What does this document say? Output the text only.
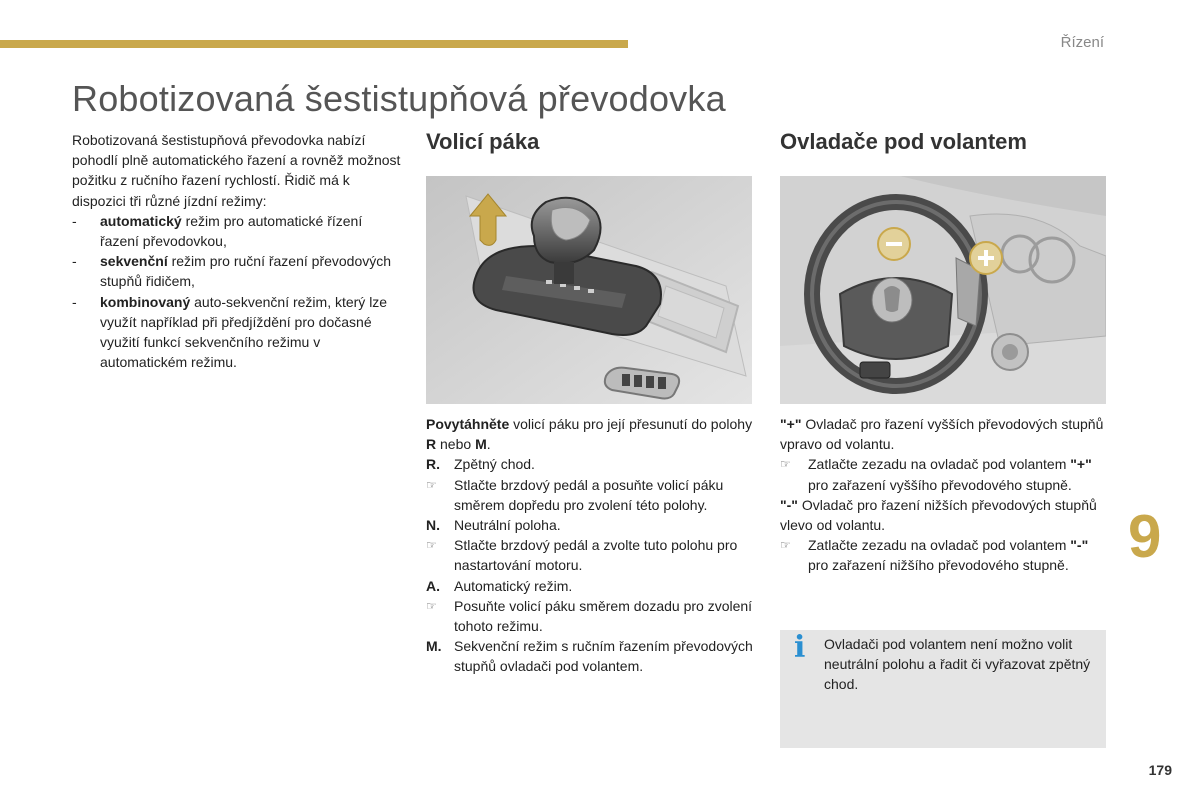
Řízení
Robotizovaná šestistupňová převodovka

Robotizovaná šestistupňová převodovka nabízí pohodlí plně automatického řazení a rovněž možnost požitku z ručního řazení rychlostí. Řidič má k dispozici tři různé jízdní režimy:

- automatický režim pro automatické řízení řazení převodovkou,
- sekvenční režim pro ruční řazení převodových stupňů řidičem,
- kombinovaný auto-sekvenční režim, který lze využít například při předjíždění pro dočasné využití funkcí sekvenčního režimu v automatickém režimu.
Volicí páka

Povytáhněte volicí páku pro její přesunutí do polohy R nebo M.

R. Zpětný chod.
☞ Stlačte brzdový pedál a posuňte volicí páku směrem dopředu pro zvolení této polohy.
N. Neutrální poloha.
☞ Stlačte brzdový pedál a zvolte tuto polohu pro nastartování motoru.
A. Automatický režim.
☞ Posuňte volicí páku směrem dozadu pro zvolení tohoto režimu.
M. Sekvenční režim s ručním řazením převodových stupňů ovladači pod volantem.
Ovladače pod volantem

"+" Ovladač pro řazení vyšších převodových stupňů vpravo od volantu.

☞ Zatlačte zezadu na ovladač pod volantem "+" pro zařazení vyššího převodového stupně.

"-" Ovladač pro řazení nižších převodových stupňů vlevo od volantu.

☞ Zatlačte zezadu na ovladač pod volantem "-" pro zařazení nižšího převodového stupně.
i Ovladači pod volantem není možno volit neutrální polohu a řadit či vyřazovat zpětný chod.
9
179
